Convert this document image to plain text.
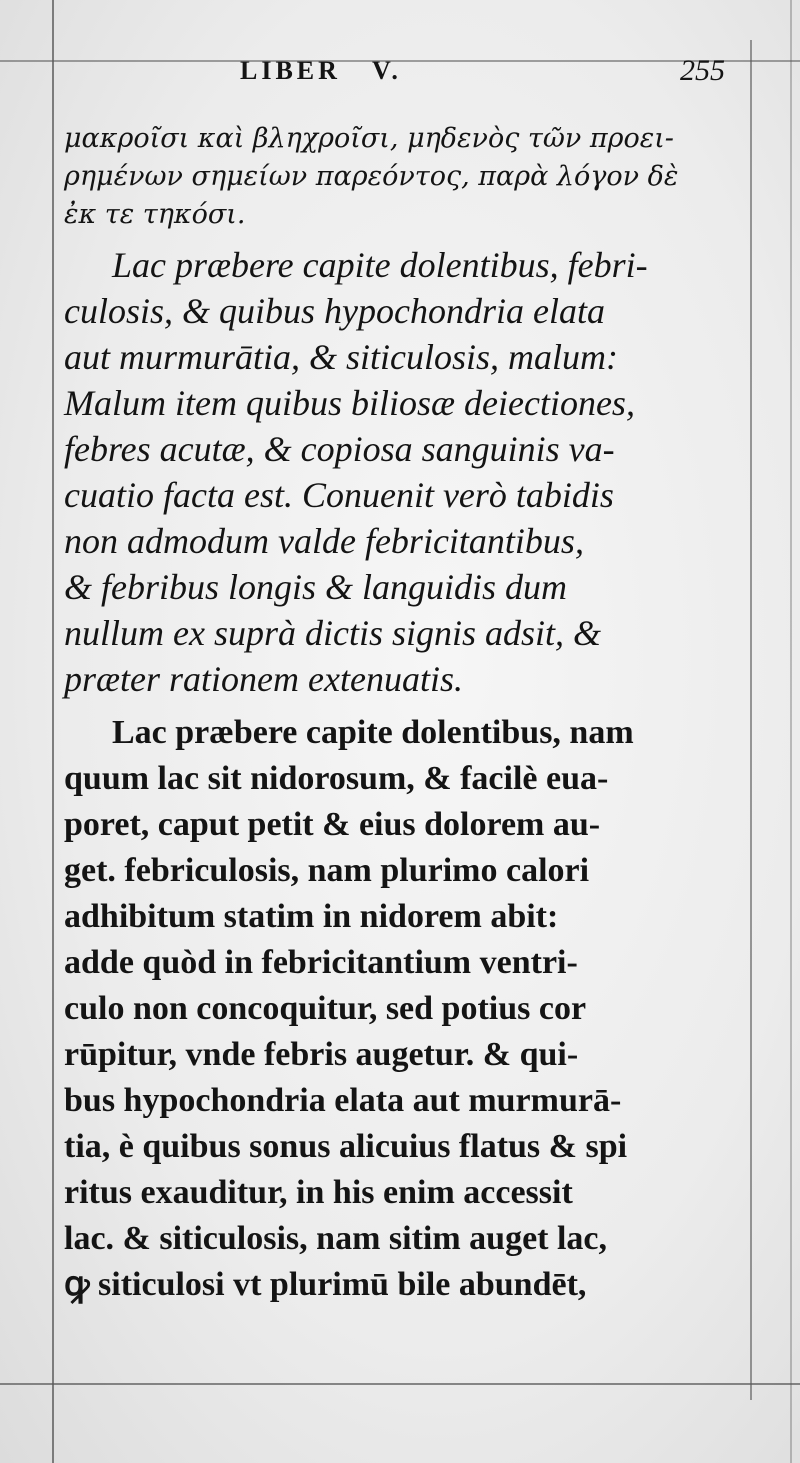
LIBER   V.	255
μακροῖσι καὶ βληχροῖσι, μηδενὸς τῶν προει-
ρημένων σημείων παρεόντος, παρὰ λόγον δὲ
ἐκ τε τηκόσι.
Lac præbere capite dolentibus, febri-
culosis, & quibus hypochondria elata
aut murmurātia, & siticulosis, malum:
Malum item quibus biliosæ deiectiones,
febres acutæ, & copiosa sanguinis va-
cuatio facta est. Conuenit verò tabidis
non admodum valde febricitantibus,
& febribus longis & languidis dum
nullum ex suprà dictis signis adsit, &
præter rationem extenuatis.
Lac præbere capite dolentibus, nam
quum lac sit nidorosum, & facilè eua-
poret, caput petit & eius dolorem au-
get. febriculosis, nam plurimo calori
adhibitum statim in nidorem abit:
adde quòd in febricitantium ventri-
culo non concoquitur, sed potius cor
rūpitur, vnde febris augetur. & qui-
bus hypochondria elata aut murmurā-
tia, è quibus sonus alicuius flatus & spi
ritus exauditur, in his enim accessit
lac. & siticulosis, nam sitim auget lac,
ꝙ siticulosi vt plurimū bile abundēt,
